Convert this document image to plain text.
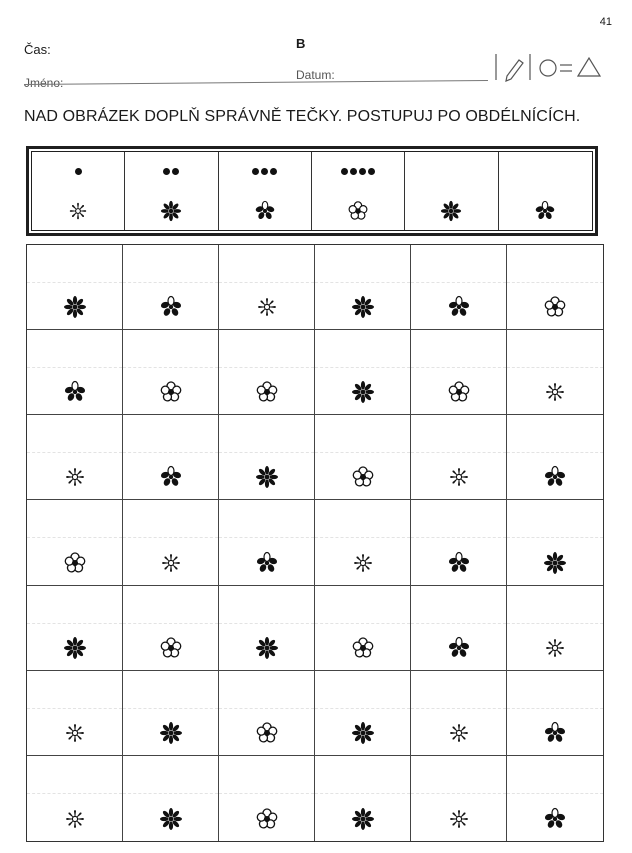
41
Čas:	B
Jméno:
Datum:
NAD OBRÁZEK DOPLŇ SPRÁVNĚ TEČKY. POSTUPUJ PO OBDÉLNÍCÍCH.
